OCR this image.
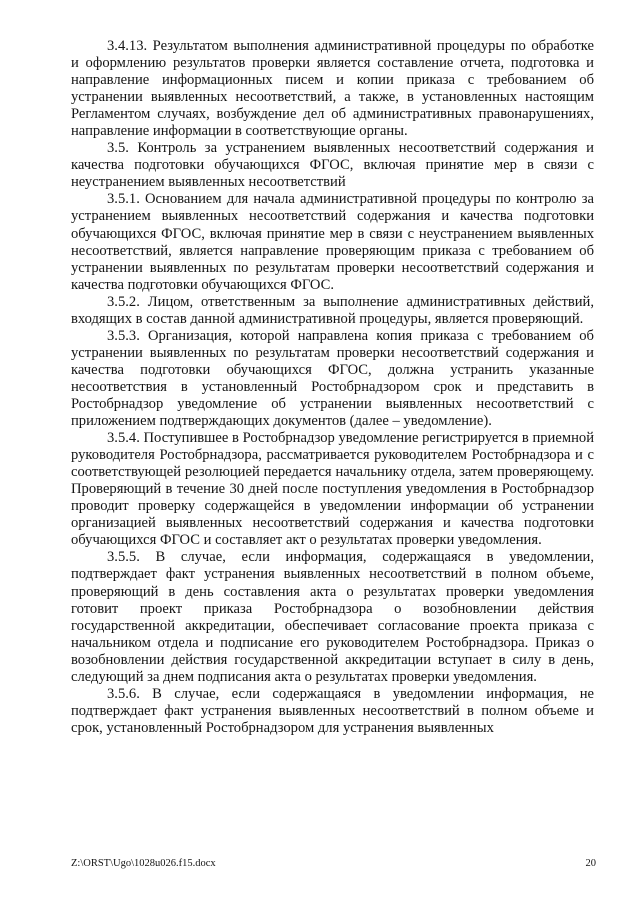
3.4.13. Результатом выполнения административной процедуры по обработке и оформлению результатов проверки является составление отчета, подготовка и направление информационных писем и копии приказа с требованием об устранении выявленных несоответствий, а также, в установленных настоящим Регламентом случаях, возбуждение дел об административных правонарушениях, направление информации в соответствующие органы.

3.5. Контроль за устранением выявленных несоответствий содержания и качества подготовки обучающихся ФГОС, включая принятие мер в связи с неустранением выявленных несоответствий

3.5.1. Основанием для начала административной процедуры по контролю за устранением выявленных несоответствий содержания и качества подготовки обучающихся ФГОС, включая принятие мер в связи с неустранением выявленных несоответствий, является направление проверяющим приказа с требованием об устранении выявленных по результатам проверки несоответствий содержания и качества подготовки обучающихся ФГОС.

3.5.2. Лицом, ответственным за выполнение административных действий, входящих в состав данной административной процедуры, является проверяющий.

3.5.3. Организация, которой направлена копия приказа с требованием об устранении выявленных по результатам проверки несоответствий содержания и качества подготовки обучающихся ФГОС, должна устранить указанные несоответствия в установленный Ростобрнадзором срок и представить в Ростобрнадзор уведомление об устранении выявленных несоответствий с приложением подтверждающих документов (далее – уведомление).

3.5.4. Поступившее в Ростобрнадзор уведомление регистрируется в приемной руководителя Ростобрнадзора, рассматривается руководителем Ростобрнадзора и с соответствующей резолюцией передается начальнику отдела, затем проверяющему. Проверяющий в течение 30 дней после поступления уведомления в Ростобрнадзор проводит проверку содержащейся в уведомлении информации об устранении организацией выявленных несоответствий содержания и качества подготовки обучающихся ФГОС и составляет акт о результатах проверки уведомления.

3.5.5. В случае, если информация, содержащаяся в уведомлении, подтверждает факт устранения выявленных несоответствий в полном объеме, проверяющий в день составления акта о результатах проверки уведомления готовит проект приказа Ростобрнадзора о возобновлении действия государственной аккредитации, обеспечивает согласование проекта приказа с начальником отдела и подписание его руководителем Ростобрнадзора. Приказ о возобновлении действия государственной аккредитации вступает в силу в день, следующий за днем подписания акта о результатах проверки уведомления.

3.5.6. В случае, если содержащаяся в уведомлении информация, не подтверждает факт устранения выявленных несоответствий в полном объеме и срок, установленный Ростобрнадзором для устранения выявленных

Z:\ORST\Ugo\1028u026.f15.docx	20
